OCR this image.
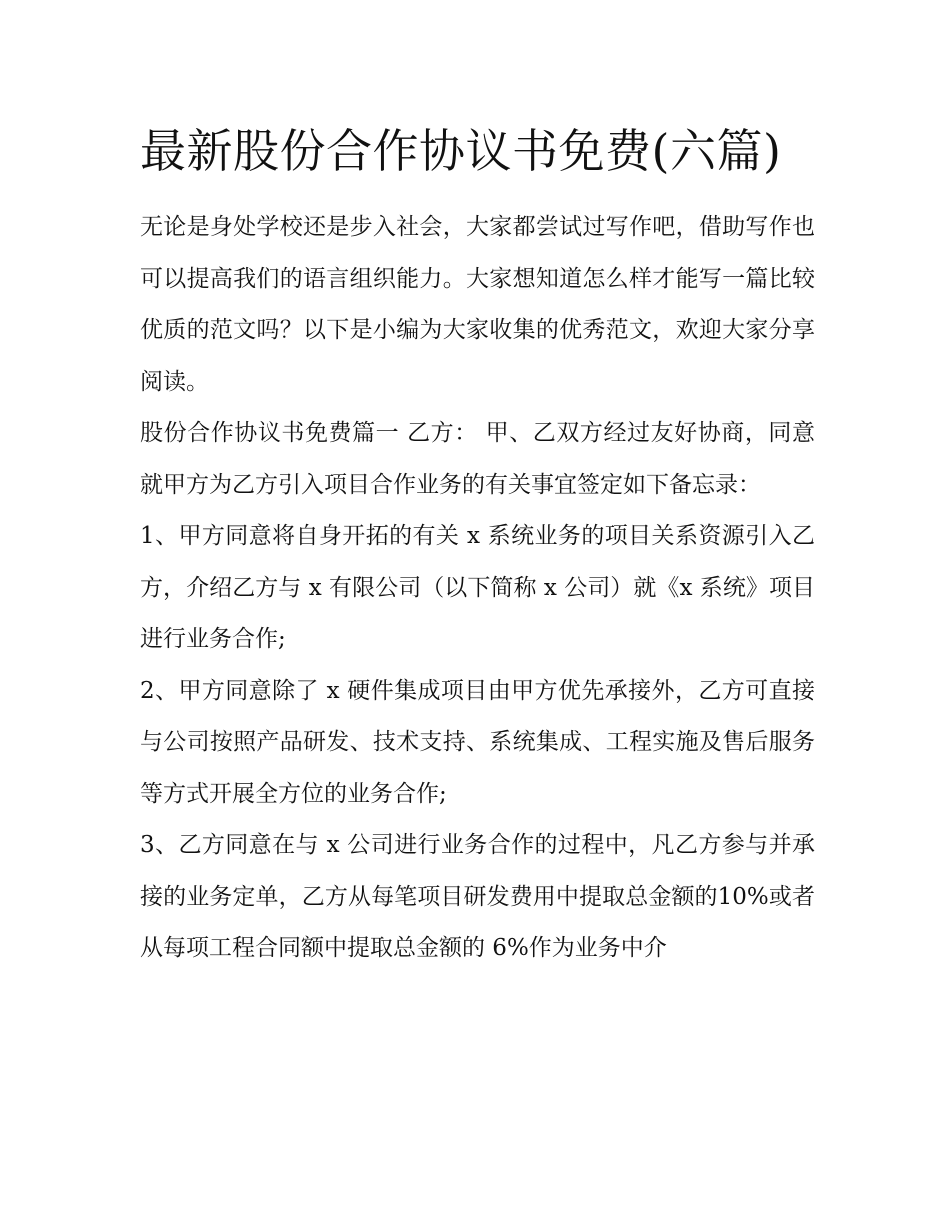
最新股份合作协议书免费(六篇)

无论是身处学校还是步入社会，大家都尝试过写作吧，借助写作也可以提高我们的语言组织能力。大家想知道怎么样才能写一篇比较优质的范文吗？以下是小编为大家收集的优秀范文，欢迎大家分享阅读。

股份合作协议书免费篇一 乙方： 甲、乙双方经过友好协商，同意就甲方为乙方引入项目合作业务的有关事宜签定如下备忘录：

1、甲方同意将自身开拓的有关 x 系统业务的项目关系资源引入乙方，介绍乙方与 x 有限公司（以下简称 x 公司）就《x 系统》项目进行业务合作;

2、甲方同意除了 x 硬件集成项目由甲方优先承接外，乙方可直接与公司按照产品研发、技术支持、系统集成、工程实施及售后服务等方式开展全方位的业务合作;

3、乙方同意在与 x 公司进行业务合作的过程中，凡乙方参与并承接的业务定单，乙方从每笔项目研发费用中提取总金额的10%或者从每项工程合同额中提取总金额的 6%作为业务中介
